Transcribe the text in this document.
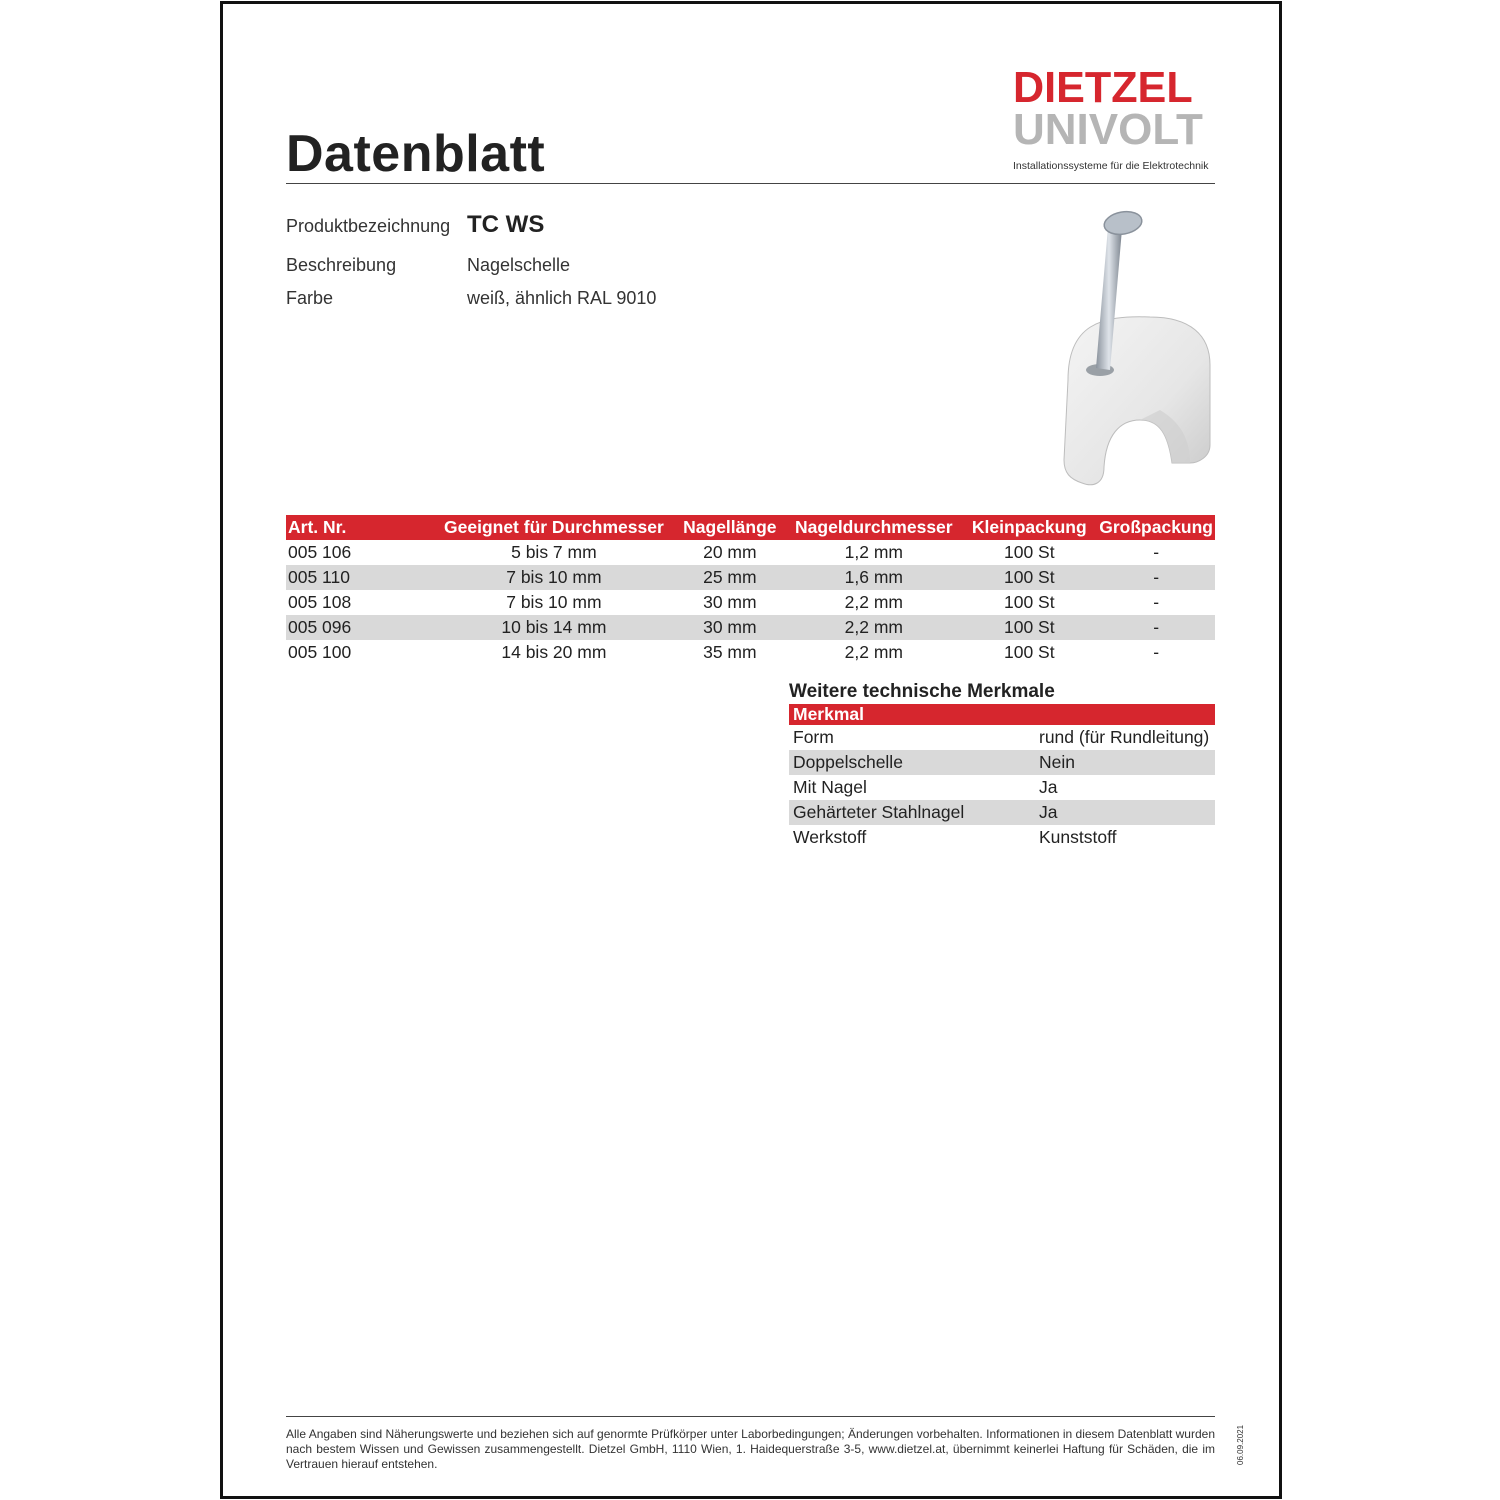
Datenblatt
DIETZEL
UNIVOLT
Installationssysteme für die Elektrotechnik
Produktbezeichnung TC WS
Beschreibung	Nagelschelle
Farbe	weiß, ähnlich RAL 9010
Art. Nr.	Geeignet für Durchmesser	Nagellänge	Nageldurchmesser	Kleinpackung	Großpackung
005 106	5 bis 7 mm	20 mm	1,2 mm	100 St	-
005 110	7 bis 10 mm	25 mm	1,6 mm	100 St	-
005 108	7 bis 10 mm	30 mm	2,2 mm	100 St	-
005 096	10 bis 14 mm	30 mm	2,2 mm	100 St	-
005 100	14 bis 20 mm	35 mm	2,2 mm	100 St	-
Weitere technische Merkmale
Merkmal	
Form	rund (für Rundleitung)
Doppelschelle	Nein
Mit Nagel	Ja
Gehärteter Stahlnagel	Ja
Werkstoff	Kunststoff
Alle Angaben sind Näherungswerte und beziehen sich auf genormte Prüfkörper unter Laborbedingungen; Änderungen vorbehalten. Informationen in diesem Datenblatt wurden nach bestem Wissen und Gewissen zusammengestellt. Dietzel GmbH, 1110 Wien, 1. Haidequerstraße 3-5, www.dietzel.at, übernimmt keinerlei Haftung für Schäden, die im Vertrauen hierauf entstehen.	06.09.2021
